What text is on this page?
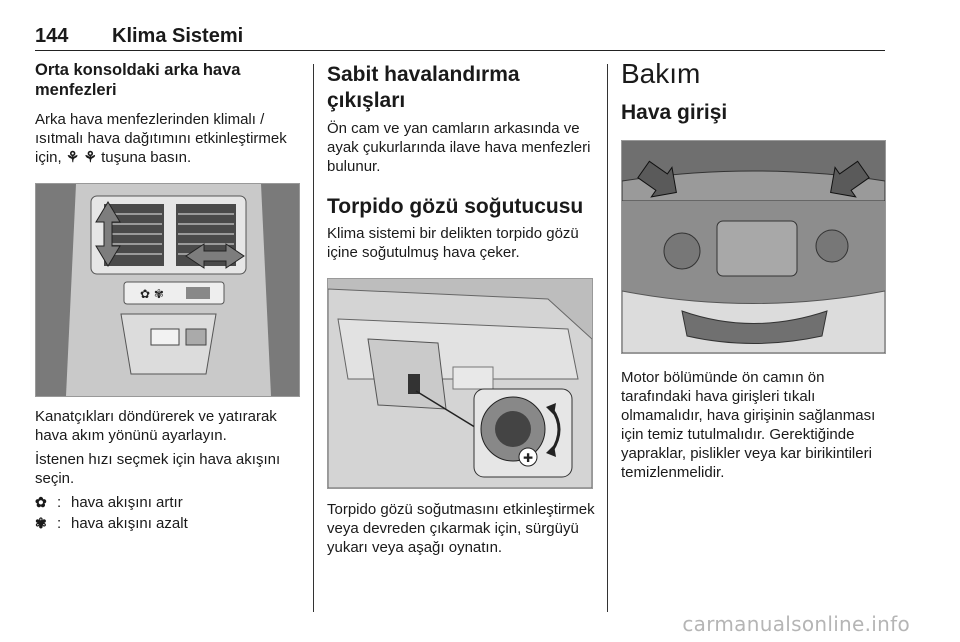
144 Klima Sistemi
Orta konsoldaki arka hava menfezleri

Arka hava menfezlerinden klimalı / ısıtmalı hava dağıtımını etkinleştirmek için, ⚘ ⚘ tuşuna basın.

✿ ✾

Kanatçıkları döndürerek ve yatırarak hava akım yönünü ayarlayın.

İstenen hızı seçmek için hava akışını seçin.

✿ : hava akışını artır
✾ : hava akışını azalt
Sabit havalandırma çıkışları

Ön cam ve yan camların arkasında ve ayak çukurlarında ilave hava menfezleri bulunur.

Torpido gözü soğutucusu

Klima sistemi bir delikten torpido gözü içine soğutulmuş hava çeker.

✚

Torpido gözü soğutmasını etkinleştirmek veya devreden çıkarmak için, sürgüyü yukarı veya aşağı oynatın.

Bakım
Hava girişi

Motor bölümünde ön camın ön tarafındaki hava girişleri tıkalı olmamalıdır, hava girişinin sağlanması için temiz tutulmalıdır. Gerektiğinde yapraklar, pislikler veya kar birikintileri temizlenmelidir.

carmanualsonline.info
